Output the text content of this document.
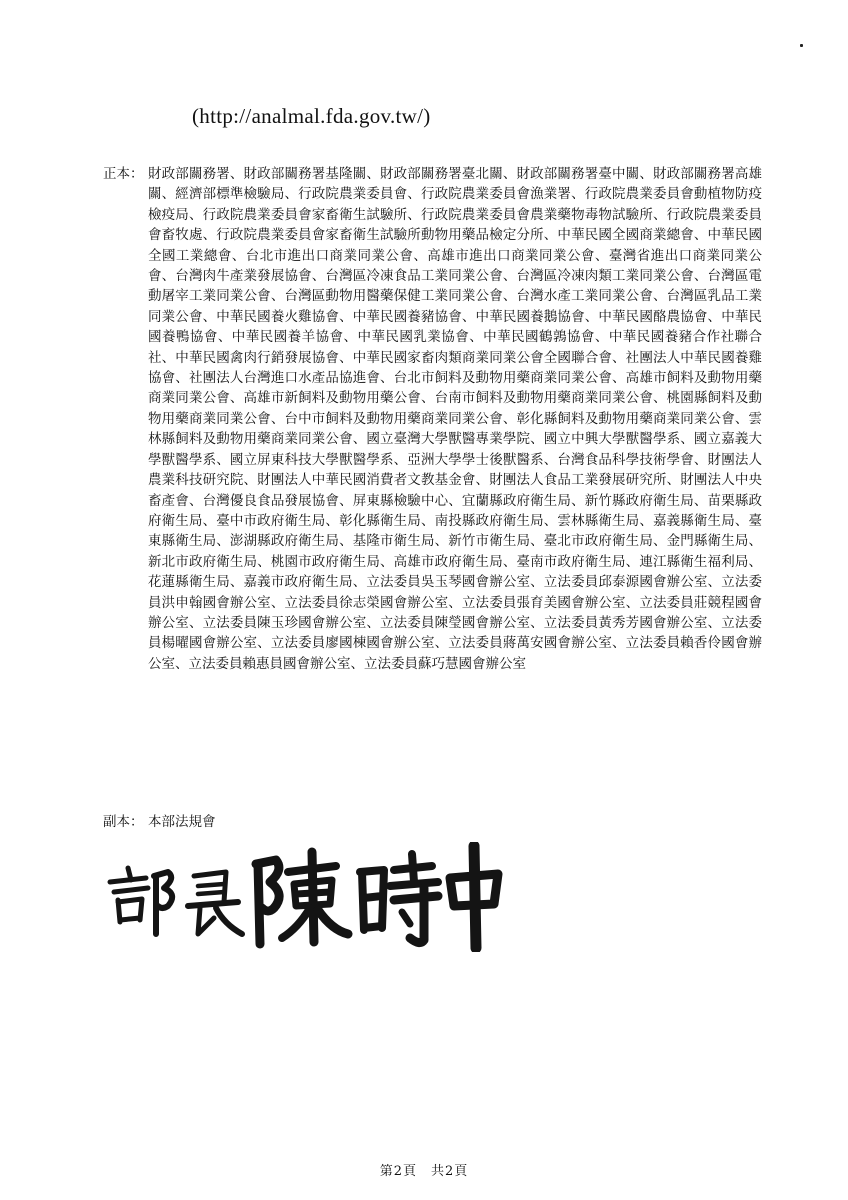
(http://analmal.fda.gov.tw/)
正本： 財政部關務署、財政部關務署基隆關、財政部關務署臺北關、財政部關務署臺中關、財政部關務署高雄關、經濟部標準檢驗局、行政院農業委員會、行政院農業委員會漁業署、行政院農業委員會動植物防疫檢疫局、行政院農業委員會家畜衛生試驗所、行政院農業委員會農業藥物毒物試驗所、行政院農業委員會畜牧處、行政院農業委員會家畜衛生試驗所動物用藥品檢定分所、中華民國全國商業總會、中華民國全國工業總會、台北市進出口商業同業公會、高雄市進出口商業同業公會、臺灣省進出口商業同業公會、台灣肉牛產業發展協會、台灣區冷凍食品工業同業公會、台灣區冷凍肉類工業同業公會、台灣區電動屠宰工業同業公會、台灣區動物用醫藥保健工業同業公會、台灣水產工業同業公會、台灣區乳品工業同業公會、中華民國養火雞協會、中華民國養豬協會、中華民國養鵝協會、中華民國酪農協會、中華民國養鴨協會、中華民國養羊協會、中華民國乳業協會、中華民國鶴鶉協會、中華民國養豬合作社聯合社、中華民國禽肉行銷發展協會、中華民國家畜肉類商業同業公會全國聯合會、社團法人中華民國養雞協會、社團法人台灣進口水產品協進會、台北市飼料及動物用藥商業同業公會、高雄市飼料及動物用藥商業同業公會、高雄市新飼料及動物用藥公會、台南市飼料及動物用藥商業同業公會、桃園縣飼料及動物用藥商業同業公會、台中市飼料及動物用藥商業同業公會、彰化縣飼料及動物用藥商業同業公會、雲林縣飼料及動物用藥商業同業公會、國立臺灣大學獸醫專業學院、國立中興大學獸醫學系、國立嘉義大學獸醫學系、國立屏東科技大學獸醫學系、亞洲大學學士後獸醫系、台灣食品科學技術學會、財團法人農業科技研究院、財團法人中華民國消費者文教基金會、財團法人食品工業發展研究所、財團法人中央畜產會、台灣優良食品發展協會、屏東縣檢驗中心、宜蘭縣政府衛生局、新竹縣政府衛生局、苗栗縣政府衛生局、臺中市政府衛生局、彰化縣衛生局、南投縣政府衛生局、雲林縣衛生局、嘉義縣衛生局、臺東縣衛生局、澎湖縣政府衛生局、基隆市衛生局、新竹市衛生局、臺北市政府衛生局、金門縣衛生局、新北市政府衛生局、桃園市政府衛生局、高雄市政府衛生局、臺南市政府衛生局、連江縣衛生福利局、花蓮縣衛生局、嘉義市政府衛生局、立法委員吳玉琴國會辦公室、立法委員邱泰源國會辦公室、立法委員洪申翰國會辦公室、立法委員徐志榮國會辦公室、立法委員張育美國會辦公室、立法委員莊競程國會辦公室、立法委員陳玉珍國會辦公室、立法委員陳瑩國會辦公室、立法委員黃秀芳國會辦公室、立法委員楊曜國會辦公室、立法委員廖國棟國會辦公室、立法委員蔣萬安國會辦公室、立法委員賴香伶國會辦公室、立法委員賴惠員國會辦公室、立法委員蘇巧慧國會辦公室
副本： 本部法規會
第2頁 共2頁
